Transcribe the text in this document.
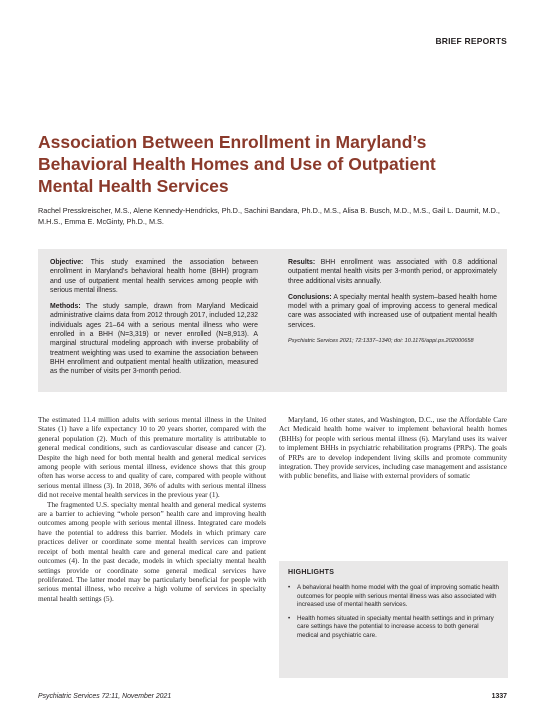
BRIEF REPORTS
Association Between Enrollment in Maryland’s Behavioral Health Homes and Use of Outpatient Mental Health Services

Rachel Presskreischer, M.S., Alene Kennedy-Hendricks, Ph.D., Sachini Bandara, Ph.D., M.S., Alisa B. Busch, M.D., M.S., Gail L. Daumit, M.D., M.H.S., Emma E. McGinty, Ph.D., M.S.

Objective: This study examined the association between enrollment in Maryland’s behavioral health home (BHH) program and use of outpatient mental health services among people with serious mental illness.

Methods: The study sample, drawn from Maryland Medicaid administrative claims data from 2012 through 2017, included 12,232 individuals ages 21–64 with a serious mental illness who were enrolled in a BHH (N=3,319) or never enrolled (N=8,913). A marginal structural modeling approach with inverse probability of treatment weighting was used to examine the association between BHH enrollment and outpatient mental health utilization, measured as the number of visits per 3-month period.

Results: BHH enrollment was associated with 0.8 additional outpatient mental health visits per 3-month period, or approximately three additional visits annually.

Conclusions: A specialty mental health system–based health home model with a primary goal of improving access to general medical care was associated with increased use of outpatient mental health services.

Psychiatric Services 2021; 72:1337–1340; doi: 10.1176/appi.ps.202000658

The estimated 11.4 million adults with serious mental illness in the United States (1) have a life expectancy 10 to 20 years shorter, compared with the general population (2). Much of this premature mortality is attributable to general medical conditions, such as cardiovascular disease and cancer (2). Despite the high need for both mental health and general medical services among people with serious mental illness, evidence shows that this group often has worse access to and quality of care, compared with people without serious mental illness (3). In 2018, 36% of adults with serious mental illness did not receive mental health services in the previous year (1).

The fragmented U.S. specialty mental health and general medical systems are a barrier to achieving “whole person” health care and improving health outcomes among people with serious mental illness. Integrated care models have the potential to address this barrier. Models in which primary care practices deliver or coordinate some mental health services can improve receipt of both mental health care and general medical care and patient outcomes (4). In the past decade, models in which specialty mental health settings provide or coordinate some general medical services have proliferated. The latter model may be particularly beneficial for people with serious mental illness, who receive a high volume of services in specialty mental health settings (5).

Maryland, 16 other states, and Washington, D.C., use the Affordable Care Act Medicaid health home waiver to implement behavioral health homes (BHHs) for people with serious mental illness (6). Maryland uses its waiver to implement BHHs in psychiatric rehabilitation programs (PRPs). The goals of PRPs are to develop independent living skills and promote community integration. They provide services, including case management and assistance with public benefits, and liaise with external providers of somatic

HIGHLIGHTS
• A behavioral health home model with the goal of improving somatic health outcomes for people with serious mental illness was also associated with increased use of mental health services.
• Health homes situated in specialty mental health settings and in primary care settings have the potential to increase access to both general medical and psychiatric care.
Psychiatric Services 72:11, November 2021	1337
